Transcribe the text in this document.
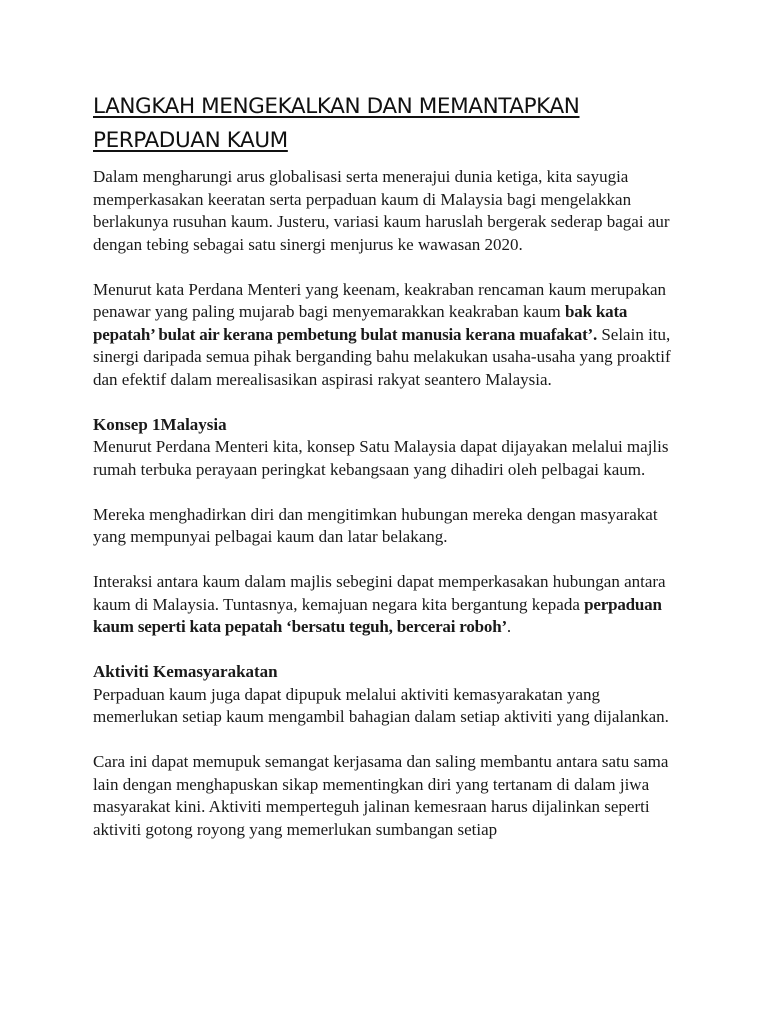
LANGKAH MENGEKALKAN DAN MEMANTAPKAN
PERPADUAN KAUM

Dalam mengharungi arus globalisasi serta menerajui dunia ketiga, kita sayugia memperkasakan keeratan serta perpaduan kaum di Malaysia bagi mengelakkan berlakunya rusuhan kaum. Justeru, variasi kaum haruslah bergerak sederap bagai aur dengan tebing sebagai satu sinergi menjurus ke wawasan 2020.

Menurut kata Perdana Menteri yang keenam, keakraban rencaman kaum merupakan penawar yang paling mujarab bagi menyemarakkan keakraban kaum bak kata pepatah’ bulat air kerana pembetung bulat manusia kerana muafakat’. Selain itu, sinergi daripada semua pihak berganding bahu melakukan usaha-usaha yang proaktif dan efektif dalam merealisasikan aspirasi rakyat seantero Malaysia.

Konsep 1Malaysia

Menurut Perdana Menteri kita, konsep Satu Malaysia dapat dijayakan melalui majlis rumah terbuka perayaan peringkat kebangsaan yang dihadiri oleh pelbagai kaum.

Mereka menghadirkan diri dan mengitimkan hubungan mereka dengan masyarakat yang mempunyai pelbagai kaum dan latar belakang.

Interaksi antara kaum dalam majlis sebegini dapat memperkasakan hubungan antara kaum di Malaysia. Tuntasnya, kemajuan negara kita bergantung kepada perpaduan kaum seperti kata pepatah ‘bersatu teguh, bercerai roboh’.

Aktiviti Kemasyarakatan

Perpaduan kaum juga dapat dipupuk melalui aktiviti kemasyarakatan yang memerlukan setiap kaum mengambil bahagian dalam setiap aktiviti yang dijalankan.

Cara ini dapat memupuk semangat kerjasama dan saling membantu antara satu sama lain dengan menghapuskan sikap mementingkan diri yang tertanam di dalam jiwa masyarakat kini. Aktiviti memperteguh jalinan kemesraan harus dijalinkan seperti aktiviti gotong royong yang memerlukan sumbangan setiap
